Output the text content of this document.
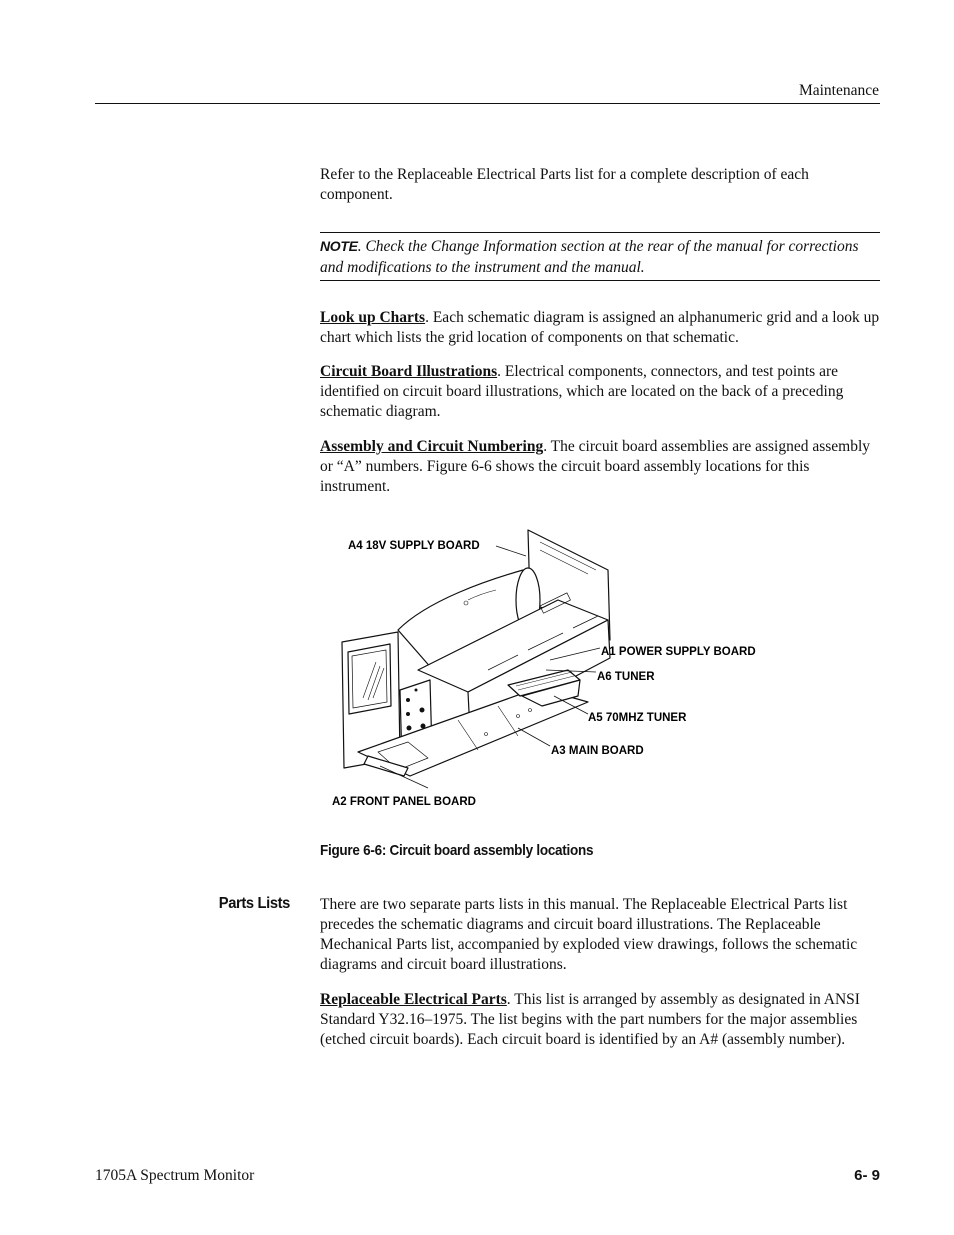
Maintenance

Refer to the Replaceable Electrical Parts list for a complete description of each component.

NOTE. Check the Change Information section at the rear of the manual for corrections and modifications to the instrument and the manual.

Look up Charts. Each schematic diagram is assigned an alphanumeric grid and a look up chart which lists the grid location of components on that schematic.

Circuit Board Illustrations. Electrical components, connectors, and test points are identified on circuit board illustrations, which are located on the back of a preceding schematic diagram.

Assembly and Circuit Numbering. The circuit board assemblies are assigned assembly or “A” numbers. Figure 6-6 shows the circuit board assembly locations for this instrument.

A4 18V SUPPLY BOARD
A1 POWER SUPPLY BOARD
A6 TUNER
A5 70MHZ TUNER
A3 MAIN BOARD
A2 FRONT PANEL BOARD
Figure 6-6: Circuit board assembly locations
Parts Lists There are two separate parts lists in this manual. The Replaceable Electrical Parts list precedes the schematic diagrams and circuit board illustrations. The Replaceable Mechanical Parts list, accompanied by exploded view drawings, follows the schematic diagrams and circuit board illustrations.

Replaceable Electrical Parts. This list is arranged by assembly as designated in ANSI Standard Y32.16–1975. The list begins with the part numbers for the major assemblies (etched circuit boards). Each circuit board is identified by an A# (assembly number).

1705A Spectrum Monitor	6- 9
